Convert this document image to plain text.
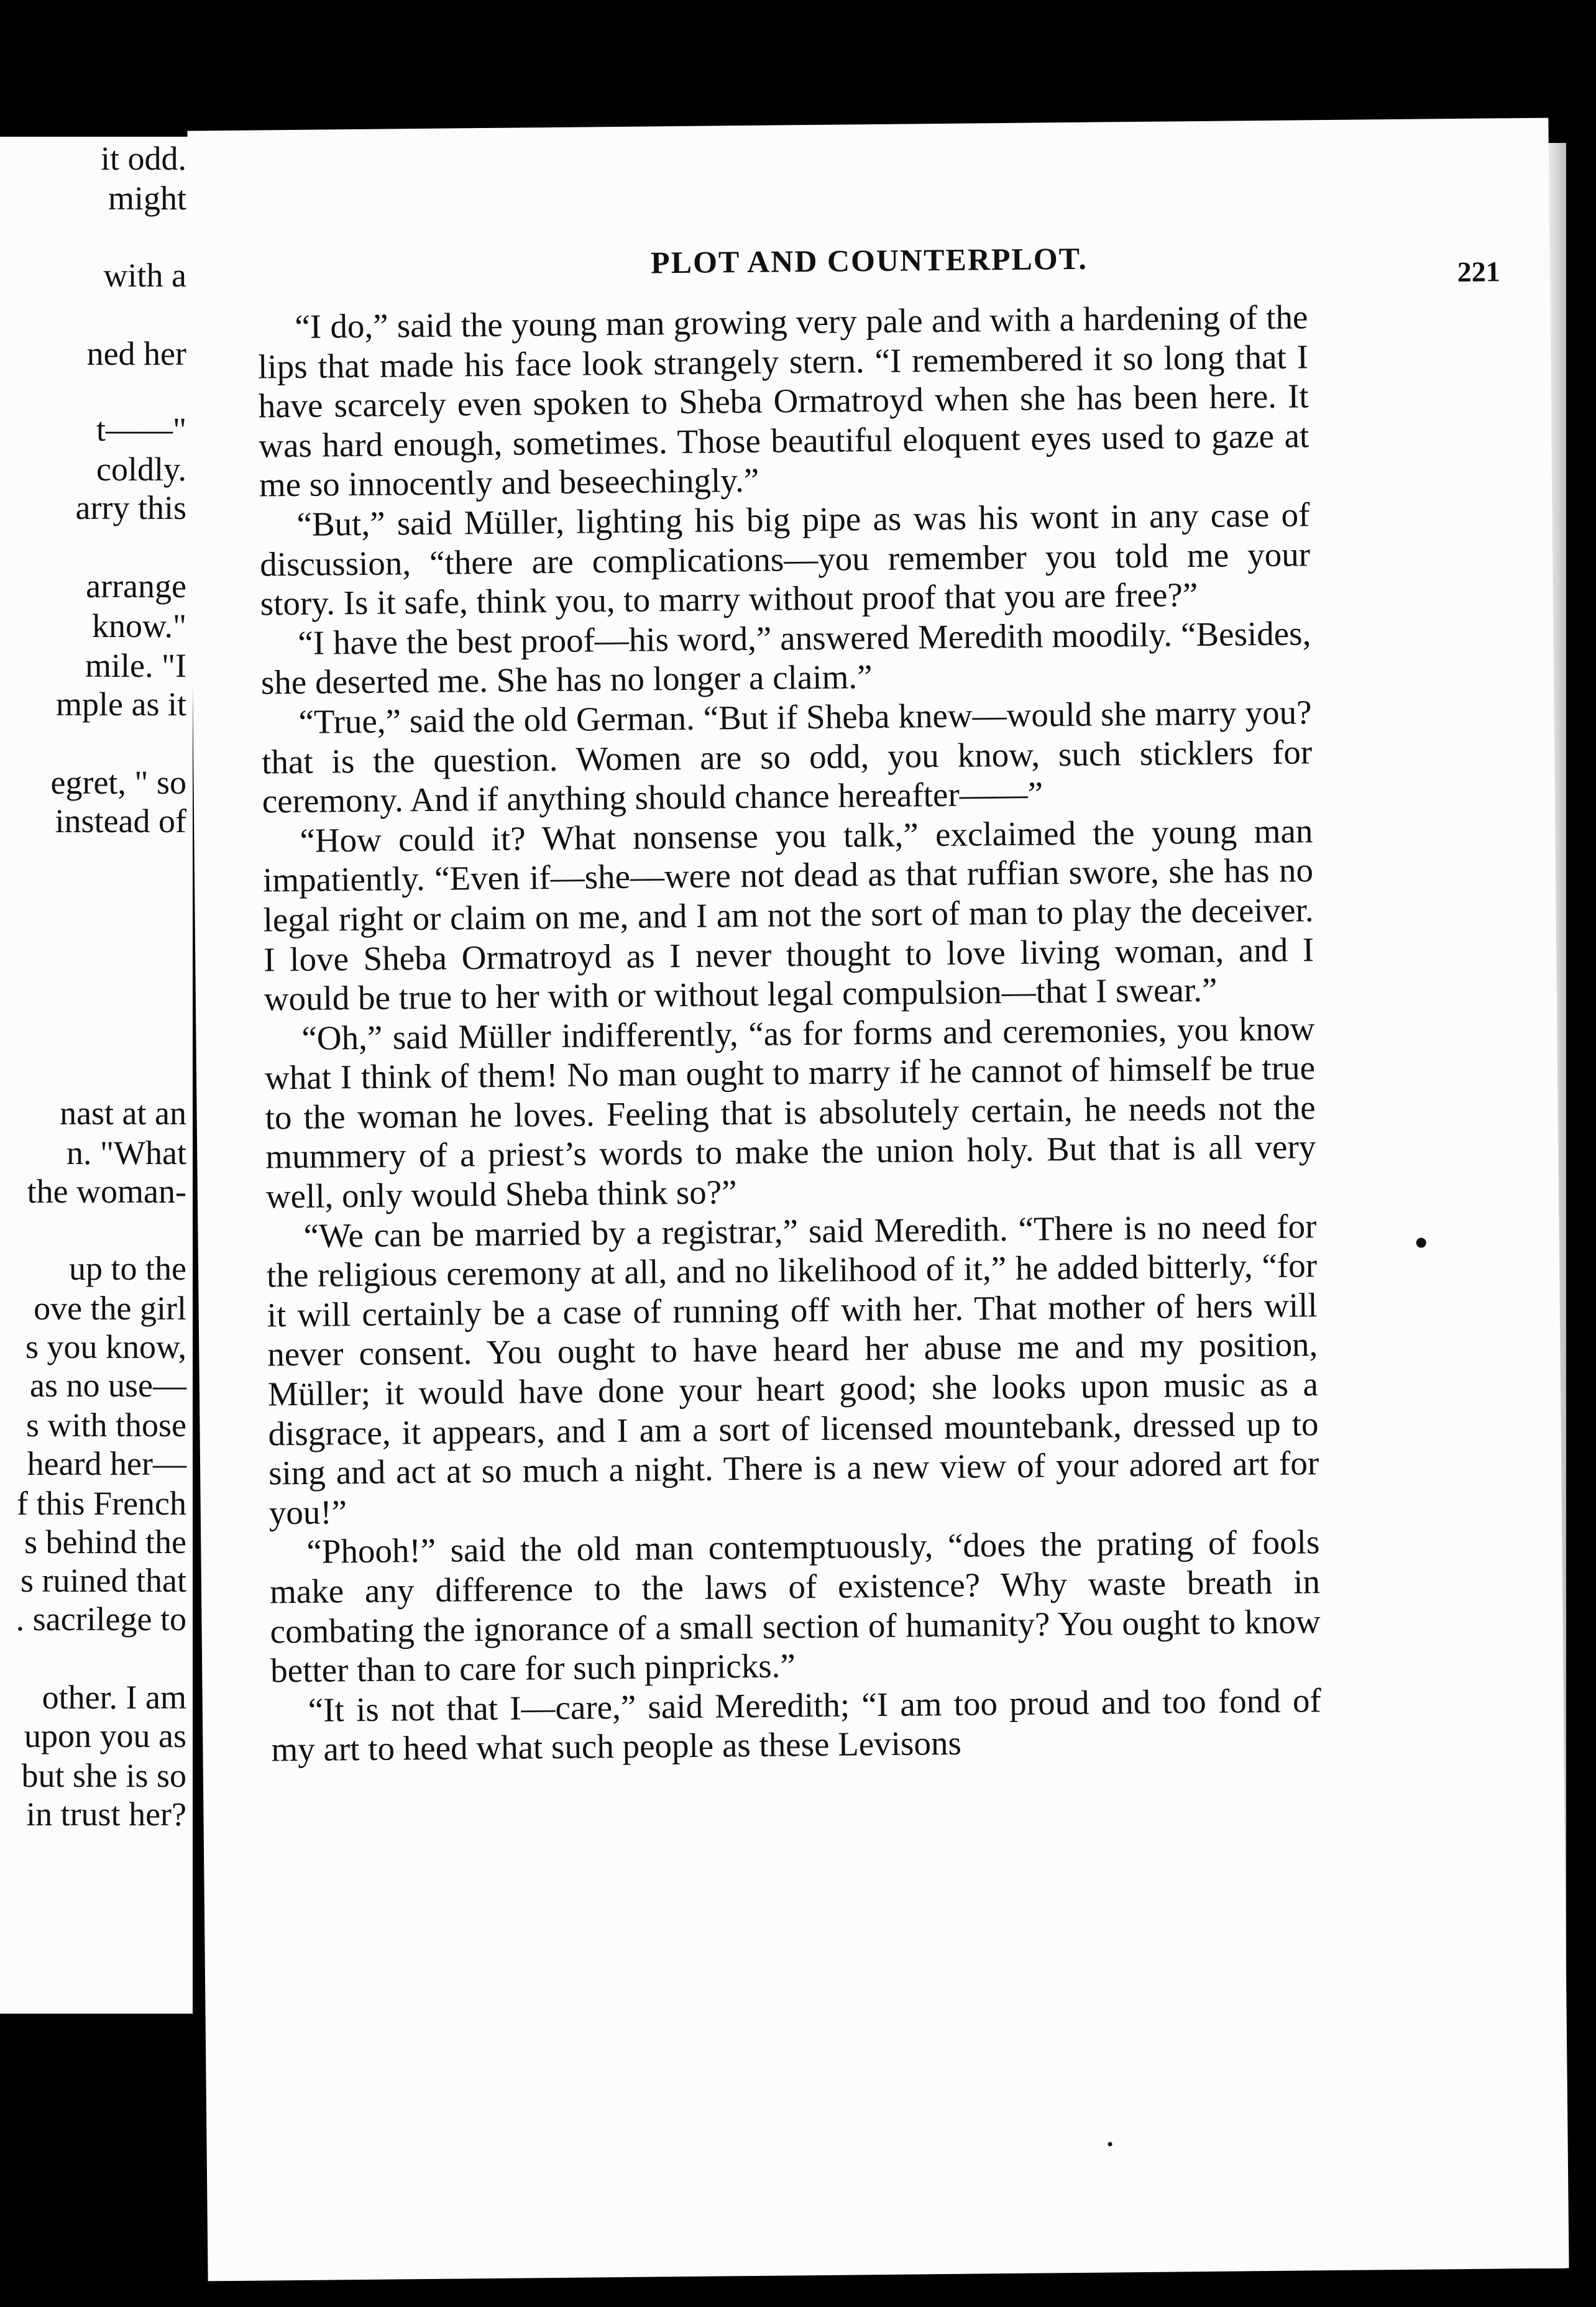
it odd.
might
with a
ned her
t——"
coldly.
arry this
arrange
know."
mile. "I
mple as it
egret, " so
instead of
nast at an
n. "What
the woman-
up to the
ove the girl
s you know,
as no use—
s with those
heard her—
f this French
s behind the
s ruined that
. sacrilege to
other. I am
upon you as
but she is so
in trust her?
PLOT AND COUNTERPLOT.	221

“I do,” said the young man growing very pale and with a hardening of the lips that made his face look strangely stern. “I remembered it so long that I have scarcely even spoken to Sheba Ormatroyd when she has been here. It was hard enough, sometimes. Those beautiful eloquent eyes used to gaze at me so innocently and beseechingly.”

“But,” said Müller, lighting his big pipe as was his wont in any case of discussion, “there are complications—you remember you told me your story. Is it safe, think you, to marry without proof that you are free?”

“I have the best proof—his word,” answered Meredith moodily. “Besides, she deserted me. She has no longer a claim.”

“True,” said the old German. “But if Sheba knew—would she marry you? that is the question. Women are so odd, you know, such sticklers for ceremony. And if anything should chance hereafter——”

“How could it? What nonsense you talk,” exclaimed the young man impatiently. “Even if—she—were not dead as that ruffian swore, she has no legal right or claim on me, and I am not the sort of man to play the deceiver. I love Sheba Ormatroyd as I never thought to love living woman, and I would be true to her with or without legal compulsion—that I swear.”

“Oh,” said Müller indifferently, “as for forms and ceremonies, you know what I think of them! No man ought to marry if he cannot of himself be true to the woman he loves. Feeling that is absolutely certain, he needs not the mummery of a priest’s words to make the union holy. But that is all very well, only would Sheba think so?”

“We can be married by a registrar,” said Meredith. “There is no need for the religious ceremony at all, and no likelihood of it,” he added bitterly, “for it will certainly be a case of running off with her. That mother of hers will never consent. You ought to have heard her abuse me and my position, Müller; it would have done your heart good; she looks upon music as a disgrace, it appears, and I am a sort of licensed mountebank, dressed up to sing and act at so much a night. There is a new view of your adored art for you!”

“Phooh!” said the old man contemptuously, “does the prating of fools make any difference to the laws of existence? Why waste breath in combating the ignorance of a small section of humanity? You ought to know better than to care for such pinpricks.”

“It is not that I—care,” said Meredith; “I am too proud and too fond of my art to heed what such people as these Levisons
